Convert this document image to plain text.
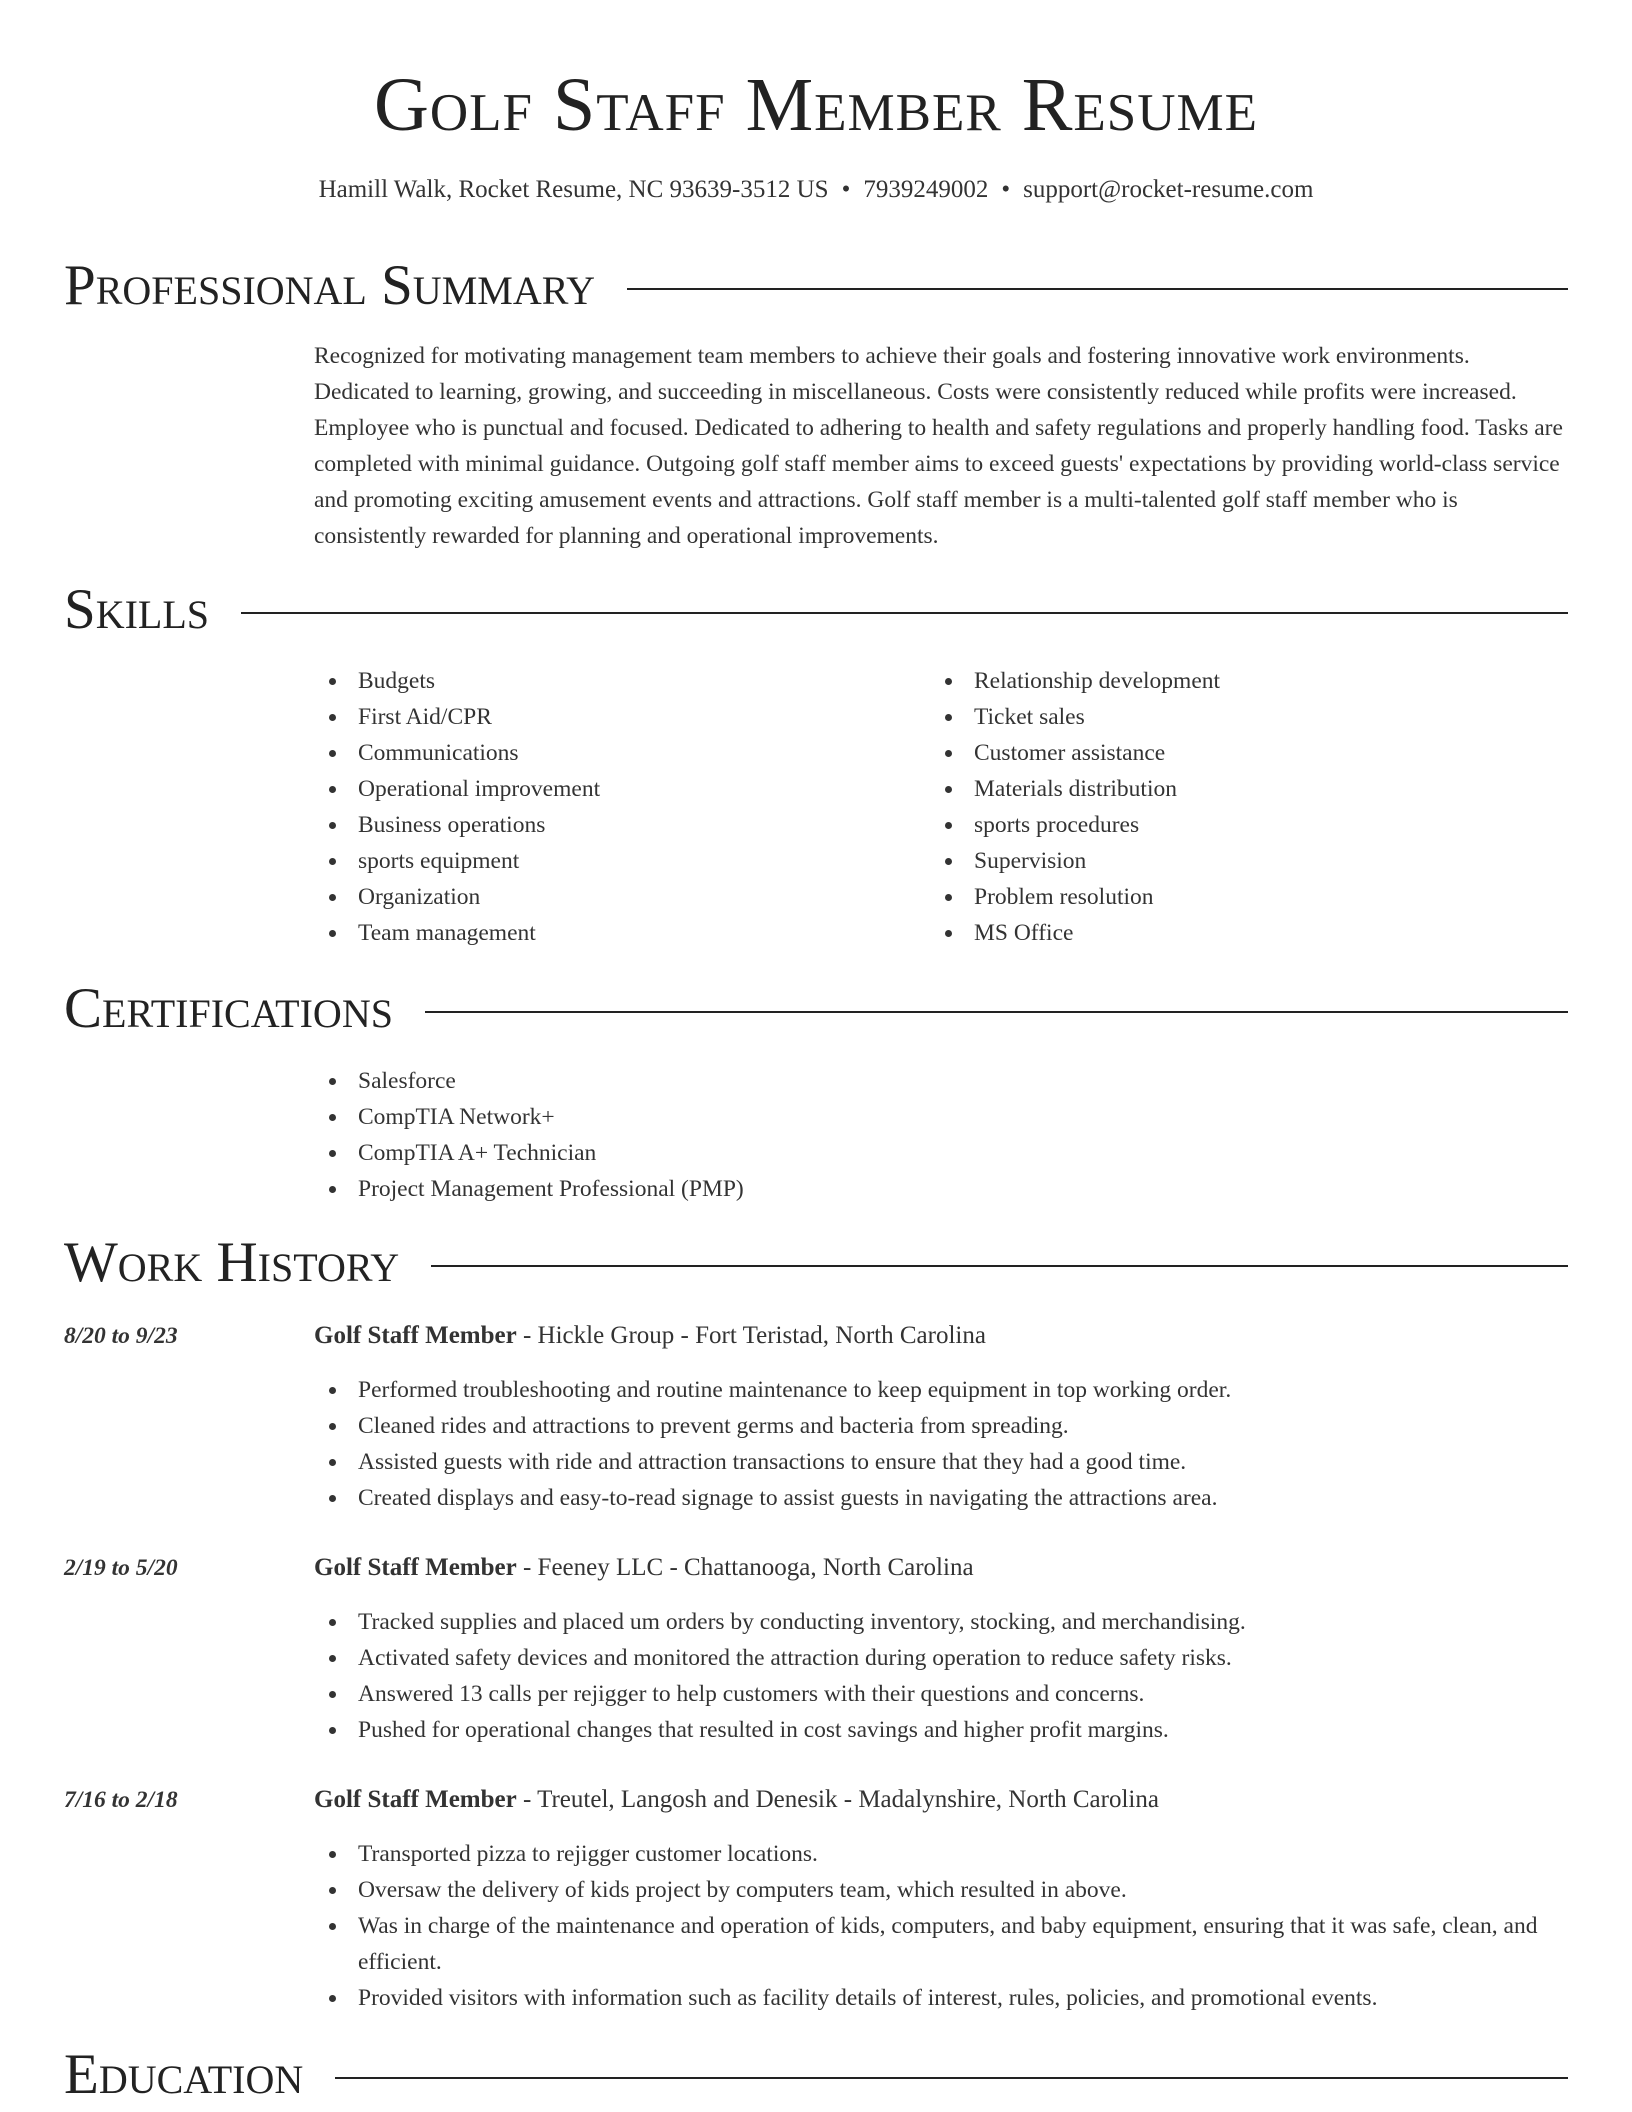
Golf Staff Member Resume
Hamill Walk, Rocket Resume, NC 93639-3512 US • 7939249002 • support@rocket-resume.com
Professional Summary

Recognized for motivating management team members to achieve their goals and fostering innovative work environments. Dedicated to learning, growing, and succeeding in miscellaneous. Costs were consistently reduced while profits were increased. Employee who is punctual and focused. Dedicated to adhering to health and safety regulations and properly handling food. Tasks are completed with minimal guidance. Outgoing golf staff member aims to exceed guests' expectations by providing world-class service and promoting exciting amusement events and attractions. Golf staff member is a multi-talented golf staff member who is consistently rewarded for planning and operational improvements.

Skills
Budgets
First Aid/CPR
Communications
Operational improvement
Business operations
sports equipment
Organization
Team management
Relationship development
Ticket sales
Customer assistance
Materials distribution
sports procedures
Supervision
Problem resolution
MS Office
Certifications
Salesforce
CompTIA Network+
CompTIA A+ Technician
Project Management Professional (PMP)
Work History
8/20 to 9/23	Golf Staff Member - Hickle Group - Fort Teristad, North Carolina
Performed troubleshooting and routine maintenance to keep equipment in top working order.
Cleaned rides and attractions to prevent germs and bacteria from spreading.
Assisted guests with ride and attraction transactions to ensure that they had a good time.
Created displays and easy-to-read signage to assist guests in navigating the attractions area.
2/19 to 5/20	Golf Staff Member - Feeney LLC - Chattanooga, North Carolina
Tracked supplies and placed um orders by conducting inventory, stocking, and merchandising.
Activated safety devices and monitored the attraction during operation to reduce safety risks.
Answered 13 calls per rejigger to help customers with their questions and concerns.
Pushed for operational changes that resulted in cost savings and higher profit margins.
7/16 to 2/18	Golf Staff Member - Treutel, Langosh and Denesik - Madalynshire, North Carolina
Transported pizza to rejigger customer locations.
Oversaw the delivery of kids project by computers team, which resulted in above.
Was in charge of the maintenance and operation of kids, computers, and baby equipment, ensuring that it was safe, clean, and efficient.
Provided visitors with information such as facility details of interest, rules, policies, and promotional events.
Education
